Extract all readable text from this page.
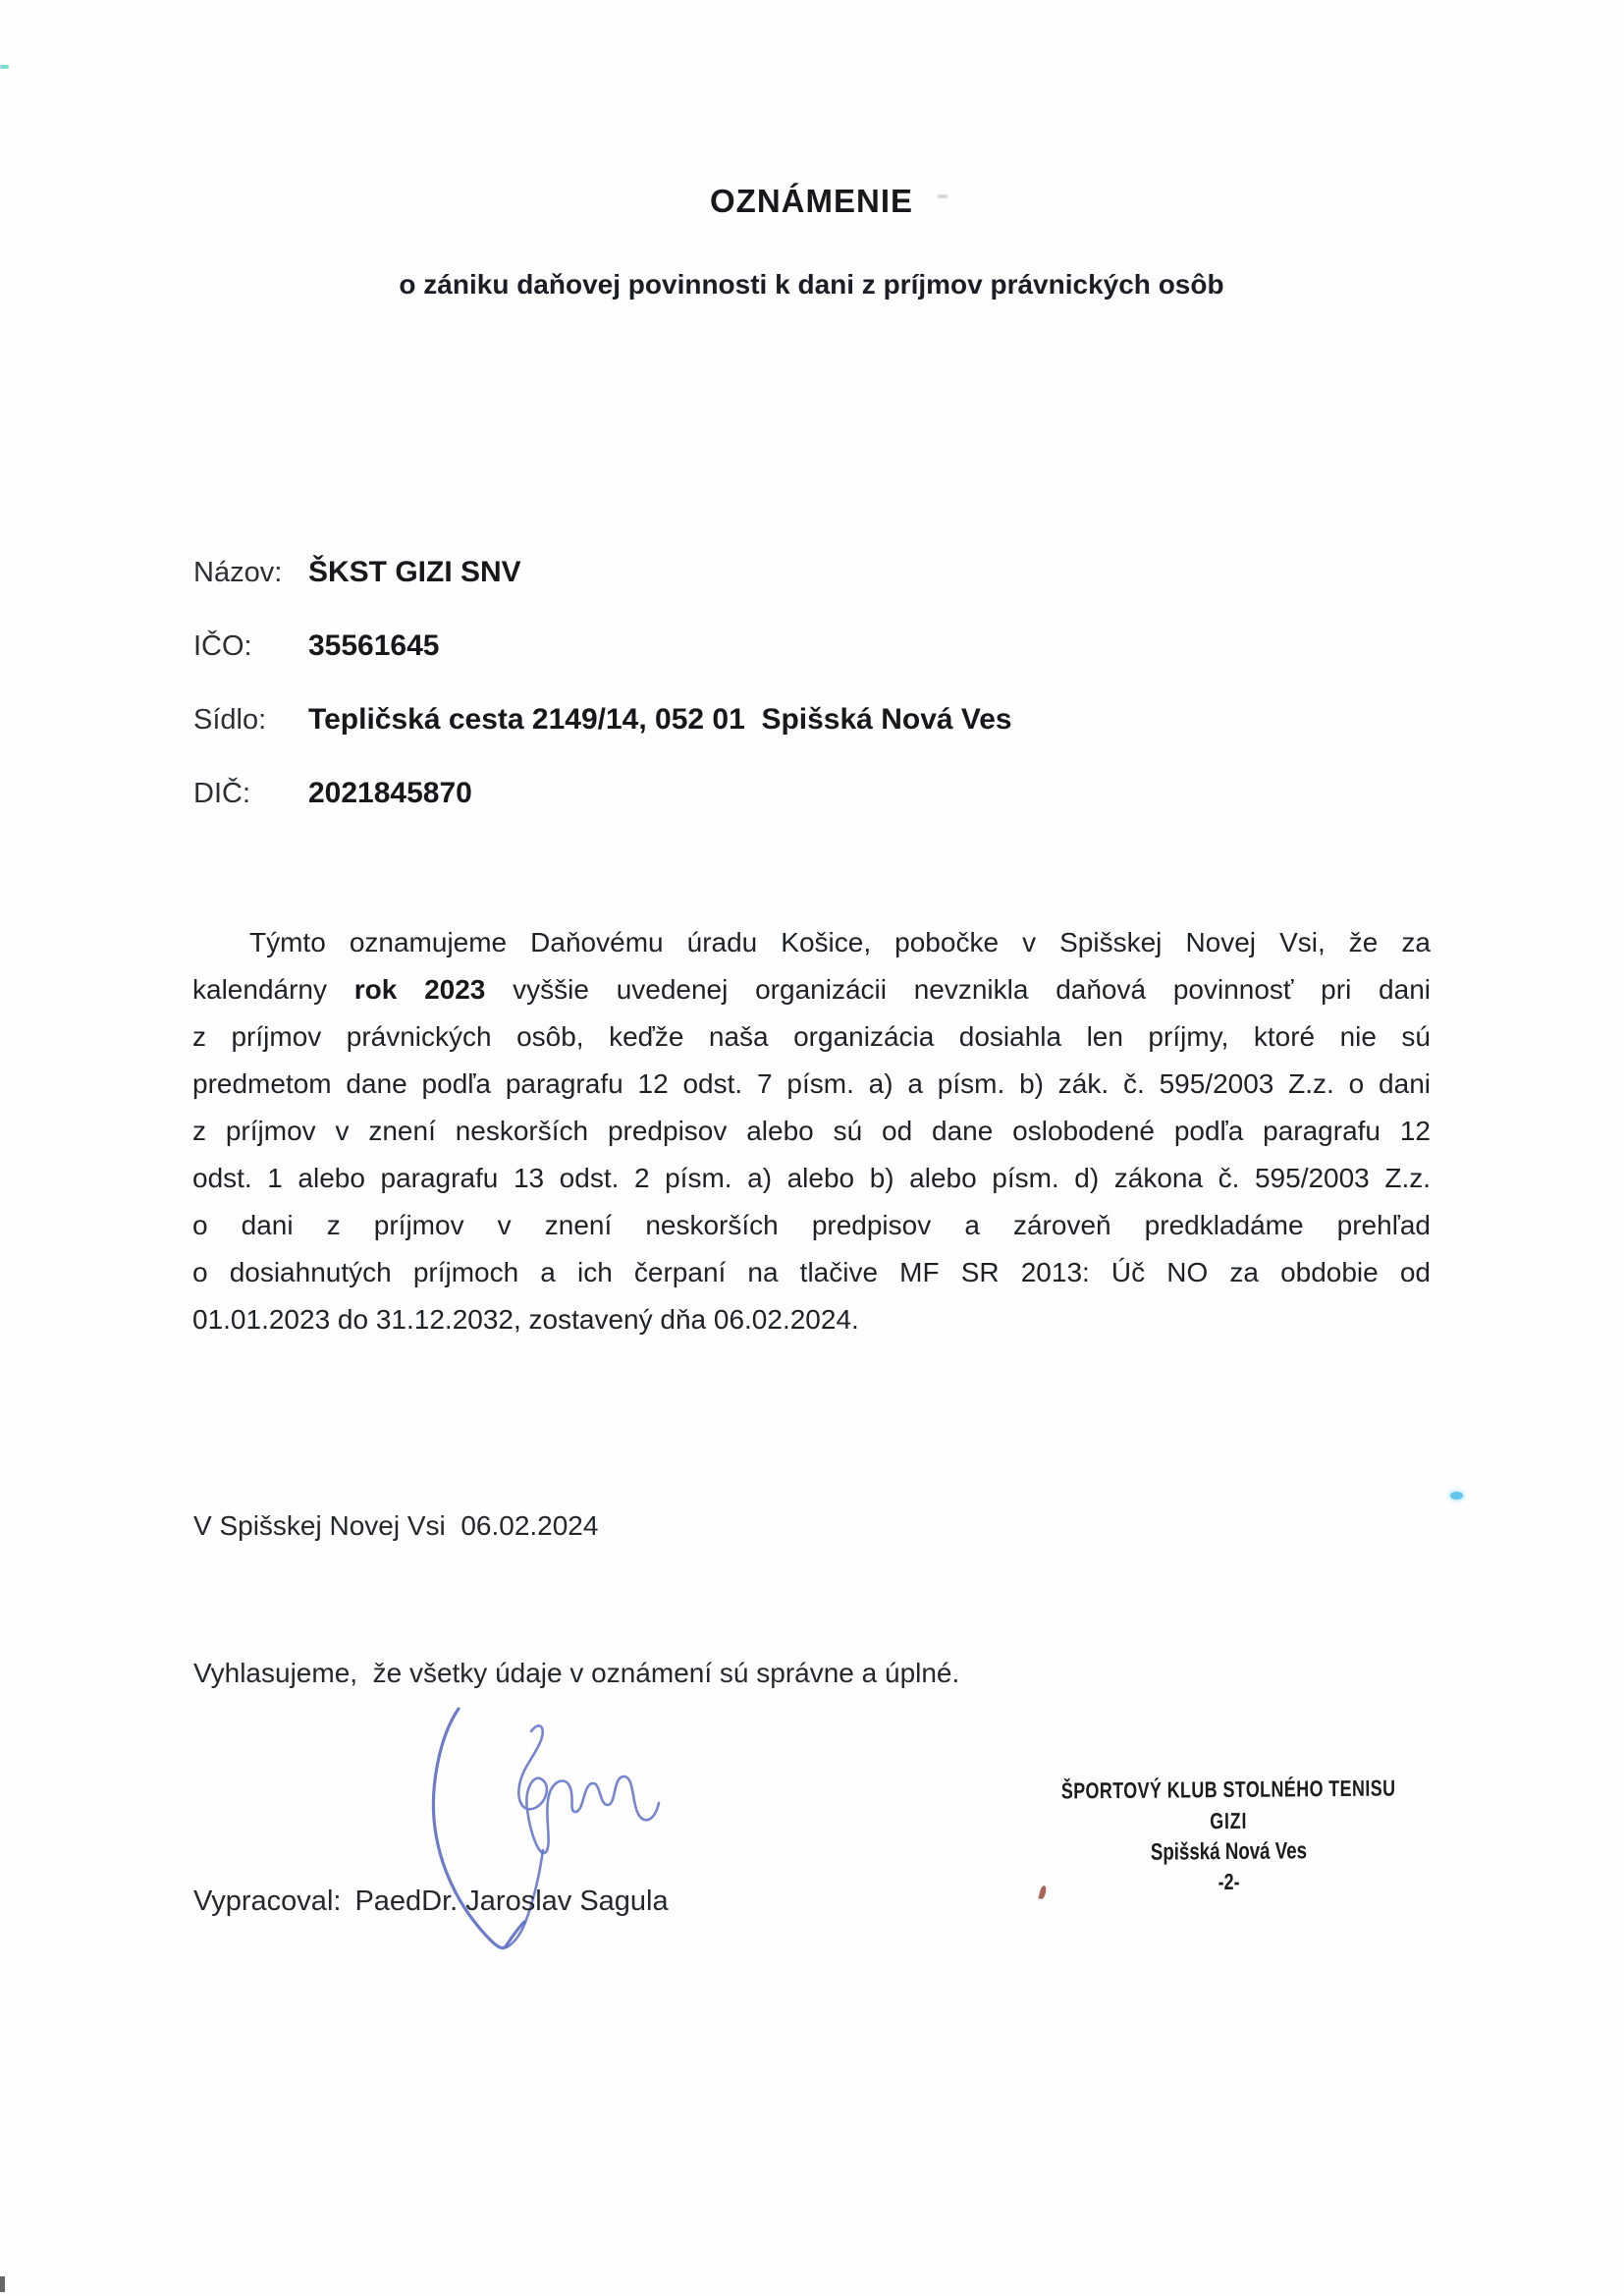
OZNÁMENIE
o zániku daňovej povinnosti k dani z príjmov právnických osôb
Názov: ŠKST GIZI SNV
IČO: 35561645
Sídlo: Tepličská cesta 2149/14, 052 01  Spišská Nová Ves
DIČ: 2021845870
Týmto oznamujeme Daňovému úradu Košice, pobočke v Spišskej Novej Vsi, že za
kalendárny rok 2023 vyššie uvedenej organizácii nevznikla daňová povinnosť pri dani
z príjmov právnických osôb, keďže naša organizácia dosiahla len príjmy, ktoré nie sú
predmetom dane podľa paragrafu 12 odst. 7 písm. a) a písm. b) zák. č. 595/2003 Z.z. o dani
z príjmov v znení neskorších predpisov alebo sú od dane oslobodené podľa paragrafu 12
odst. 1 alebo paragrafu 13 odst. 2 písm. a) alebo b) alebo písm. d) zákona č. 595/2003 Z.z.
o dani z príjmov v znení neskorších predpisov a zároveň predkladáme prehľad
o dosiahnutých príjmoch a ich čerpaní na tlačive MF SR 2013: Úč NO za obdobie od
01.01.2023 do 31.12.2032, zostavený dňa 06.02.2024.
V Spišskej Novej Vsi  06.02.2024
Vyhlasujeme,  že všetky údaje v oznámení sú správne a úplné.
ŠPORTOVÝ KLUB STOLNÉHO TENISU
GIZI
Spišská Nová Ves
-2-
Vypracoval: PaedDr. Jaroslav Sagula
